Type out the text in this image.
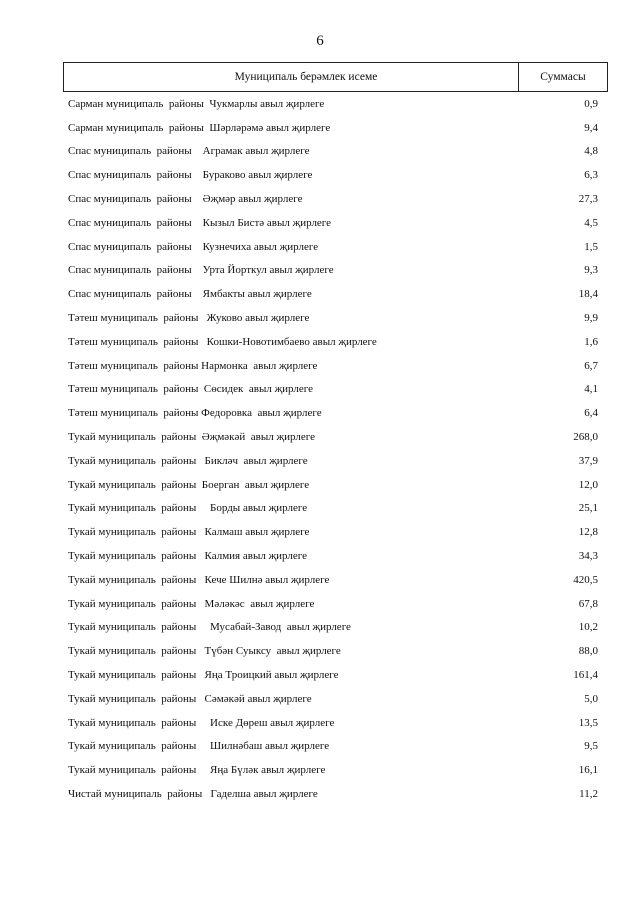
6
Муниципаль берәмлек исеме	Суммасы
Сарман муниципаль  районы  Чукмарлы авыл җирлеге	0,9
Сарман муниципаль  районы  Шәрләрәмә авыл җирлеге	9,4
Спас муниципаль  районы    Аграмак авыл җирлеге	4,8
Спас муниципаль  районы    Бураково авыл җирлеге	6,3
Спас муниципаль  районы    Әҗмәр авыл җирлеге	27,3
Спас муниципаль  районы    Кызыл Бистә авыл җирлеге	4,5
Спас муниципаль  районы    Кузнечиха авыл җирлеге	1,5
Спас муниципаль  районы    Урта Йорткул авыл җирлеге	9,3
Спас муниципаль  районы    Ямбакты авыл җирлеге	18,4
Тәтеш муниципаль  районы   Жуково авыл җирлеге	9,9
Тәтеш муниципаль  районы   Кошки-Новотимбаево авыл җирлеге	1,6
Тәтеш муниципаль  районы Нармонка  авыл җирлеге	6,7
Тәтеш муниципаль  районы  Сөсидек  авыл җирлеге	4,1
Тәтеш муниципаль  районы Федоровка  авыл җирлеге	6,4
Тукай муниципаль  районы  Әҗмәкәй  авыл җирлеге	268,0
Тукай муниципаль  районы   Бикләч  авыл җирлеге	37,9
Тукай муниципаль  районы  Боерган  авыл җирлеге	12,0
Тукай муниципаль  районы     Борды авыл җирлеге	25,1
Тукай муниципаль  районы   Калмаш авыл җирлеге	12,8
Тукай муниципаль  районы   Калмия авыл җирлеге	34,3
Тукай муниципаль  районы   Кече Шилнә авыл җирлеге	420,5
Тукай муниципаль  районы   Мәләкәс  авыл җирлеге	67,8
Тукай муниципаль  районы     Мусабай-Завод  авыл җирлеге	10,2
Тукай муниципаль  районы   Түбән Суыксу  авыл җирлеге	88,0
Тукай муниципаль  районы   Яңа Троицкий авыл җирлеге	161,4
Тукай муниципаль  районы   Сәмәкәй авыл җирлеге	5,0
Тукай муниципаль  районы     Иске Дөреш авыл җирлеге	13,5
Тукай муниципаль  районы     Шилнәбаш авыл җирлеге	9,5
Тукай муниципаль  районы     Яңа Бүләк авыл җирлеге	16,1
Чистай муниципаль  районы   Гаделша авыл җирлеге	11,2
